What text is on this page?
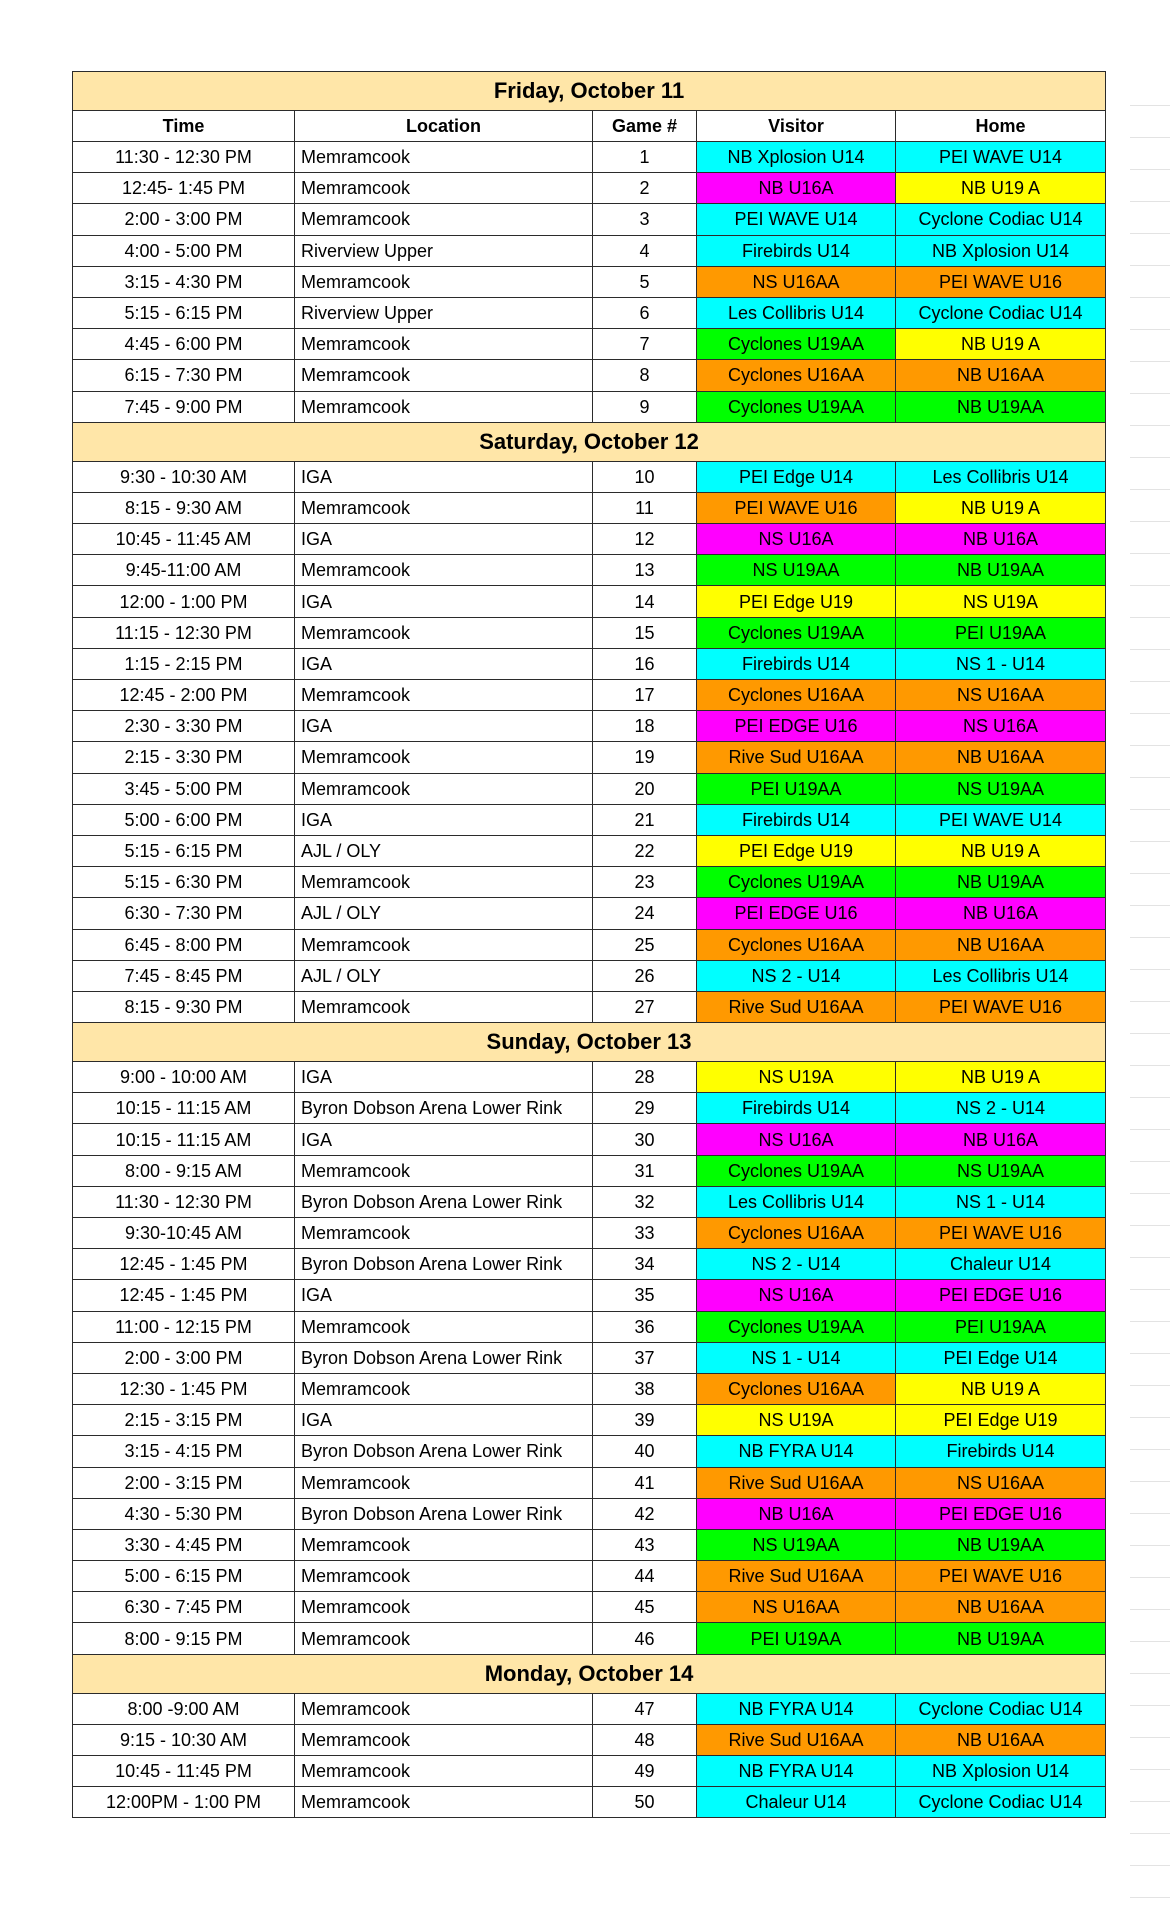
Friday, October 11				
Time	Location	Game #	Visitor	Home
11:30 - 12:30 PM	Memramcook	1	NB Xplosion U14	PEI WAVE U14
12:45- 1:45 PM	Memramcook	2	NB U16A	NB U19 A
2:00 - 3:00 PM	Memramcook	3	PEI WAVE U14	Cyclone Codiac U14
4:00 - 5:00 PM	Riverview Upper	4	Firebirds U14	NB Xplosion U14
3:15 - 4:30 PM	Memramcook	5	NS U16AA	PEI WAVE U16
5:15 - 6:15 PM	Riverview Upper	6	Les Collibris U14	Cyclone Codiac U14
4:45 - 6:00 PM	Memramcook	7	Cyclones U19AA	NB U19 A
6:15 - 7:30 PM	Memramcook	8	Cyclones U16AA	NB U16AA
7:45 - 9:00 PM	Memramcook	9	Cyclones U19AA	NB U19AA
Saturday, October 12				
9:30 - 10:30 AM	IGA	10	PEI Edge U14	Les Collibris U14
8:15 - 9:30 AM	Memramcook	11	PEI WAVE U16	NB U19 A
10:45 - 11:45 AM	IGA	12	NS U16A	NB U16A
9:45-11:00 AM	Memramcook	13	NS U19AA	NB U19AA
12:00 - 1:00 PM	IGA	14	PEI Edge U19	NS U19A
11:15 - 12:30 PM	Memramcook	15	Cyclones U19AA	PEI U19AA
1:15 - 2:15 PM	IGA	16	Firebirds U14	NS 1 - U14
12:45 - 2:00 PM	Memramcook	17	Cyclones U16AA	NS U16AA
2:30 - 3:30 PM	IGA	18	PEI EDGE U16	NS U16A
2:15 - 3:30 PM	Memramcook	19	Rive Sud U16AA	NB U16AA
3:45 - 5:00 PM	Memramcook	20	PEI U19AA	NS U19AA
5:00 - 6:00 PM	IGA	21	Firebirds U14	PEI WAVE U14
5:15 - 6:15 PM	AJL / OLY	22	PEI Edge U19	NB U19 A
5:15 - 6:30 PM	Memramcook	23	Cyclones U19AA	NB U19AA
6:30 - 7:30 PM	AJL / OLY	24	PEI EDGE U16	NB U16A
6:45 - 8:00 PM	Memramcook	25	Cyclones U16AA	NB U16AA
7:45 - 8:45 PM	AJL / OLY	26	NS 2 - U14	Les Collibris U14
8:15 - 9:30 PM	Memramcook	27	Rive Sud U16AA	PEI WAVE U16
Sunday, October 13				
9:00 - 10:00 AM	IGA	28	NS U19A	NB U19 A
10:15 - 11:15 AM	Byron Dobson Arena Lower Rink	29	Firebirds U14	NS 2 - U14
10:15 - 11:15 AM	IGA	30	NS U16A	NB U16A
8:00 - 9:15 AM	Memramcook	31	Cyclones U19AA	NS U19AA
11:30 - 12:30 PM	Byron Dobson Arena Lower Rink	32	Les Collibris U14	NS 1 - U14
9:30-10:45 AM	Memramcook	33	Cyclones U16AA	PEI WAVE U16
12:45 - 1:45 PM	Byron Dobson Arena Lower Rink	34	NS 2 - U14	Chaleur U14
12:45 - 1:45 PM	IGA	35	NS U16A	PEI EDGE U16
11:00 - 12:15 PM	Memramcook	36	Cyclones U19AA	PEI U19AA
2:00 - 3:00 PM	Byron Dobson Arena Lower Rink	37	NS 1 - U14	PEI Edge U14
12:30 - 1:45 PM	Memramcook	38	Cyclones U16AA	NB U19 A
2:15 - 3:15 PM	IGA	39	NS U19A	PEI Edge U19
3:15 - 4:15 PM	Byron Dobson Arena Lower Rink	40	NB FYRA U14	Firebirds U14
2:00 - 3:15 PM	Memramcook	41	Rive Sud U16AA	NS U16AA
4:30 - 5:30 PM	Byron Dobson Arena Lower Rink	42	NB U16A	PEI EDGE U16
3:30 - 4:45 PM	Memramcook	43	NS U19AA	NB U19AA
5:00 - 6:15 PM	Memramcook	44	Rive Sud U16AA	PEI WAVE U16
6:30 - 7:45 PM	Memramcook	45	NS U16AA	NB U16AA
8:00 - 9:15 PM	Memramcook	46	PEI U19AA	NB U19AA
Monday, October 14				
8:00 -9:00 AM	Memramcook	47	NB FYRA U14	Cyclone Codiac U14
9:15 - 10:30 AM	Memramcook	48	Rive Sud U16AA	NB U16AA
10:45 - 11:45 PM	Memramcook	49	NB FYRA U14	NB Xplosion U14
12:00PM - 1:00 PM	Memramcook	50	Chaleur U14	Cyclone Codiac U14
